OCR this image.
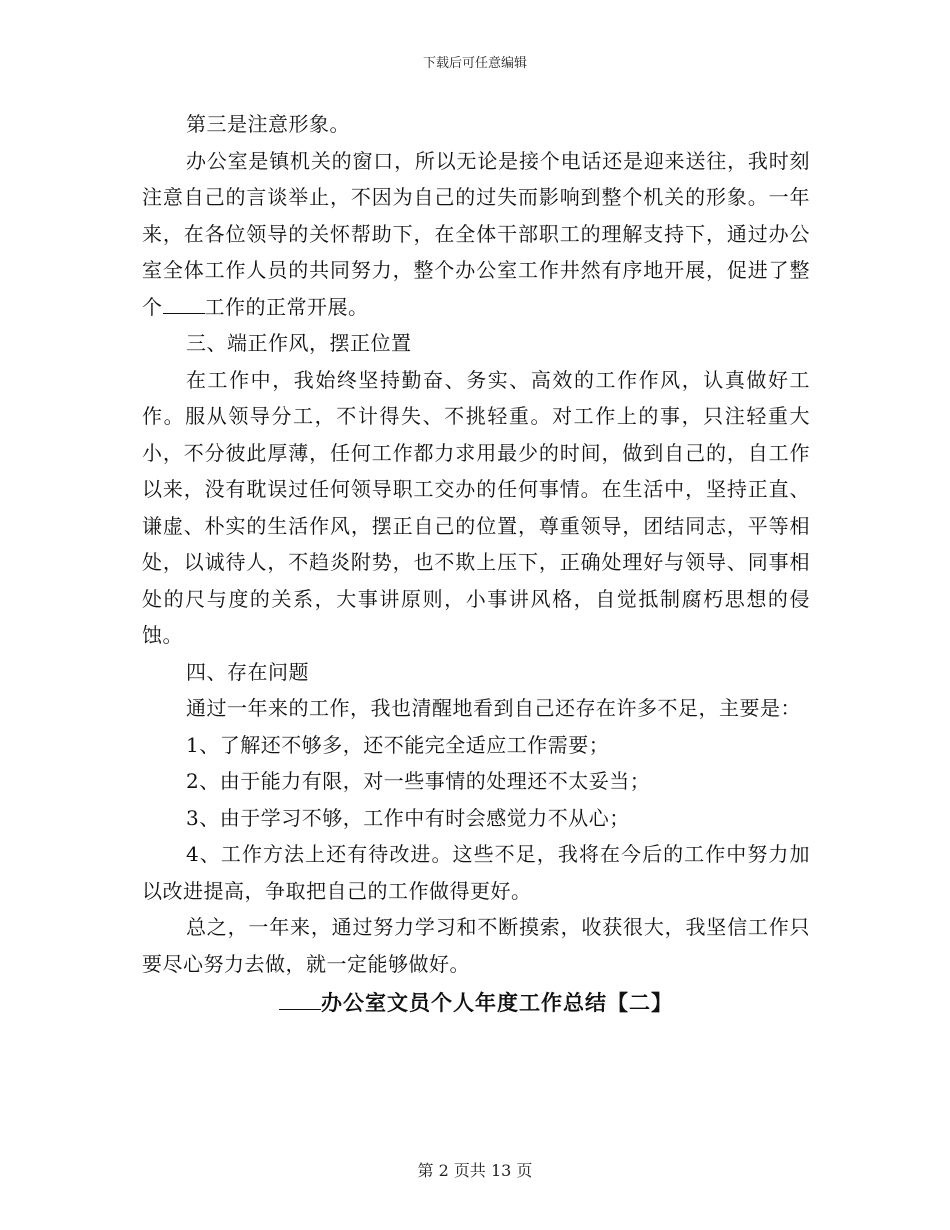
下载后可任意编辑

第三是注意形象。

办公室是镇机关的窗口，所以无论是接个电话还是迎来送往，我时刻注意自己的言谈举止，不因为自己的过失而影响到整个机关的形象。一年来，在各位领导的关怀帮助下，在全体干部职工的理解支持下，通过办公室全体工作人员的共同努力，整个办公室工作井然有序地开展，促进了整个 工作的正常开展。

三、端正作风，摆正位置

在工作中，我始终坚持勤奋、务实、高效的工作作风，认真做好工作。服从领导分工，不计得失、不挑轻重。对工作上的事，只注轻重大小，不分彼此厚薄，任何工作都力求用最少的时间，做到自己的，自工作以来，没有耽误过任何领导职工交办的任何事情。在生活中，坚持正直、谦虚、朴实的生活作风，摆正自己的位置，尊重领导，团结同志，平等相处，以诚待人，不趋炎附势，也不欺上压下，正确处理好与领导、同事相处的尺与度的关系，大事讲原则，小事讲风格，自觉抵制腐朽思想的侵蚀。

四、存在问题

通过一年来的工作，我也清醒地看到自己还存在许多不足，主要是：

1、了解还不够多，还不能完全适应工作需要；

2、由于能力有限，对一些事情的处理还不太妥当；

3、由于学习不够，工作中有时会感觉力不从心；

4、工作方法上还有待改进。这些不足，我将在今后的工作中努力加以改进提高，争取把自己的工作做得更好。

总之，一年来，通过努力学习和不断摸索，收获很大，我坚信工作只要尽心努力去做，就一定能够做好。

办公室文员个人年度工作总结【二】
第 2 页共 13 页
